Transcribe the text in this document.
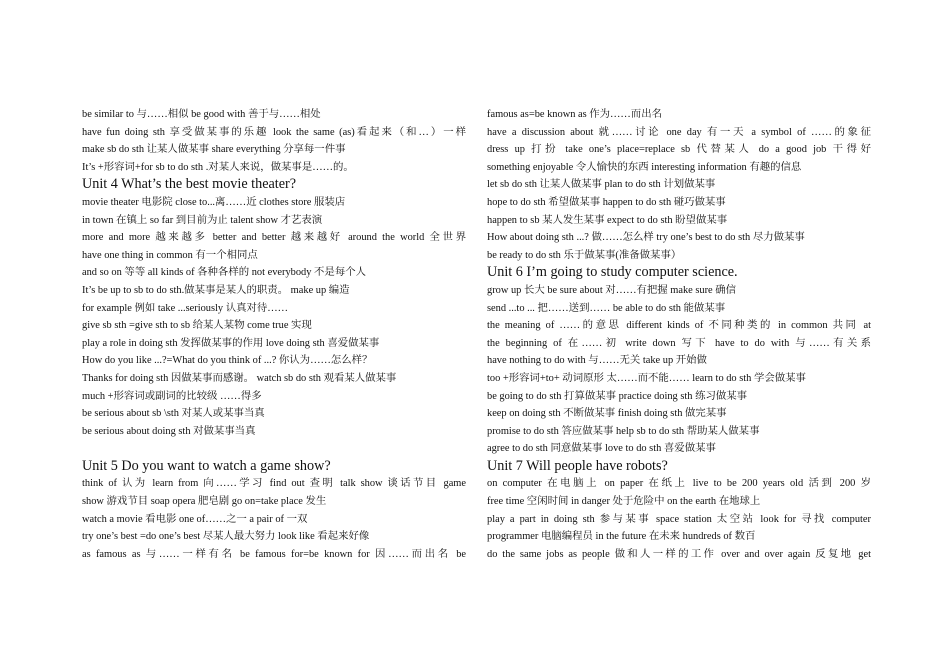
be similar to 与……相似 be good with 善于与……相处
have fun doing sth 享受做某事的乐趣 look the same (as)看起来（和…）一样
make sb do sth 让某人做某事 share everything 分享每一件事
It’s +形容词+for sb to do sth .对某人来说，做某事是……的。
Unit 4 What’s the best movie theater?
movie theater 电影院 close to...离……近 clothes store 服装店
in town 在镇上 so far 到目前为止 talent show 才艺表演
more and more 越来越多 better and better 越来越好 around the world 全世界
have one thing in common 有一个相同点
and so on 等等 all kinds of 各种各样的 not everybody 不是每个人
It’s be up to sb to do sth.做某事是某人的职责。 make up 编造
for example 例如 take ...seriously 认真对待……
give sb sth =give sth to sb 给某人某物 come true 实现
play a role in doing sth 发挥做某事的作用 love doing sth 喜爱做某事
How do you like ...?=What do you think of ...? 你认为……怎么样？
Thanks for doing sth 因做某事而感谢。 watch sb do sth 观看某人做某事
much +形容词或副词的比较级 ……得多
be serious about sb \sth 对某人或某事当真
be serious about doing sth 对做某事当真
Unit 5 Do you want to watch a game show?
think of 认为 learn from 向……学习 find out 查明 talk show 谈话节目 game
show 游戏节目 soap opera 肥皂剧 go on=take place 发生
watch a movie 看电影 one of……之一 a pair of 一双
try one’s best =do one’s best 尽某人最大努力 look like 看起来好像
as famous as 与……一样有名 be famous for=be known for 因……而出名 be
famous as=be known as 作为……而出名
have a discussion about 就……讨论 one day 有一天 a symbol of ……的象征
dress up 打扮 take one’s place=replace sb 代替某人 do a good job 干得好
something enjoyable 令人愉快的东西 interesting information 有趣的信息
let sb do sth 让某人做某事 plan to do sth 计划做某事
hope to do sth 希望做某事 happen to do sth 碰巧做某事
happen to sb 某人发生某事 expect to do sth 盼望做某事
How about doing sth ...? 做……怎么样 try one’s best to do sth 尽力做某事
be ready to do sth 乐于做某事(准备做某事）
Unit 6 I’m going to study computer science.
grow up 长大 be sure about 对……有把握 make sure 确信
send ...to ... 把……送到…… be able to do sth 能做某事
the meaning of ……的意思 different kinds of 不同种类的 in common 共同 at
the beginning of 在……初 write down 写下 have to do with 与……有关系
have nothing to do with 与……无关 take up 开始做
too +形容词+to+ 动词原形 太……而不能…… learn to do sth 学会做某事
be going to do sth 打算做某事 practice doing sth 练习做某事
keep on doing sth 不断做某事 finish doing sth 做完某事
promise to do sth 答应做某事 help sb to do sth 帮助某人做某事
agree to do sth 同意做某事 love to do sth 喜爱做某事
Unit 7 Will people have robots?
on computer 在电脑上 on paper 在纸上 live to be 200 years old 活到 200 岁
free time 空闲时间 in danger 处于危险中 on the earth 在地球上
play a part in doing sth 参与某事 space station 太空站 look for 寻找 computer
programmer 电脑编程员 in the future 在未来 hundreds of 数百
do the same jobs as people 做和人一样的工作 over and over again 反复地 get
